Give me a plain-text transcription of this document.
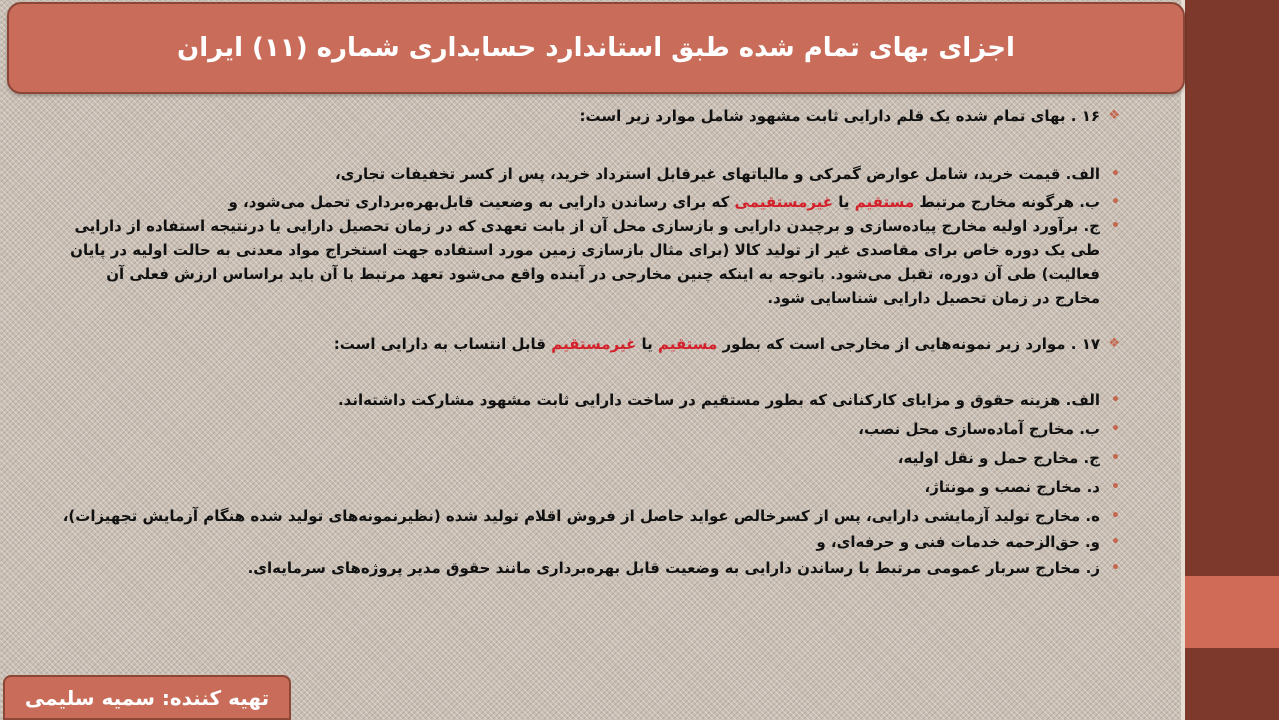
اجزای بهای تمام شده طبق استاندارد حسابداری شماره (۱۱) ایران
❖
۱۶ . بهای تمام شده یک قلم دارایی ثابت مشهود شامل موارد زیر است:
•
الف. قیمت خرید، شامل عوارض گمرکی و مالیاتهای غیرقابل استرداد خرید، پس از کسر تخفیفات تجاری،
•
ب. هرگونه مخارج مرتبط مستقیم یا غیرمستقیمی که برای رساندن دارایی به وضعیت قابل‌بهره‌برداری تحمل می‌شود، و
•
ج. برآورد اولیه مخارج پیاده‌سازی و برچیدن دارایی و بازسازی محل آن از بابت تعهدی که در زمان تحصیل دارایی یا درنتیجه استفاده از دارایی طی یک دوره خاص برای مقاصدی غیر از تولید کالا (برای مثال بازسازی زمین مورد استفاده جهت استخراج مواد معدنی به حالت اولیه در پایان فعالیت) طی آن دوره، تقبل می‌شود. باتوجه به اینکه چنین مخارجی در آینده واقع می‌شود تعهد مرتبط با آن باید براساس ارزش فعلی آن مخارج در زمان تحصیل دارایی شناسایی شود.
❖
۱۷ . موارد زیر نمونه‌هایی از مخارجی است که بطور مستقیم یا غیرمستقیم قابل انتساب به دارایی است:
•
الف. هزینه حقوق و مزایای کارکنانی که بطور مستقیم در ساخت دارایی ثابت مشهود مشارکت داشته‌اند.
•
ب. مخارج آماده‌سازی محل نصب،
•
ج. مخارج حمل و نقل اولیه،
•
د. مخارج نصب و مونتاژ،
•
ه. مخارج تولید آزمایشی دارایی، پس از کسرخالص عواید حاصل از فروش اقلام تولید شده (نظیرنمونه‌های تولید شده هنگام آزمایش تجهیزات)،
•
و. حق‌الزحمه خدمات فنی و حرفه‌ای، و
•
ز. مخارج سربار عمومی مرتبط با رساندن دارایی به وضعیت قابل بهره‌برداری مانند حقوق مدیر پروژه‌های سرمایه‌ای.
تهیه کننده: سمیه سلیمی
